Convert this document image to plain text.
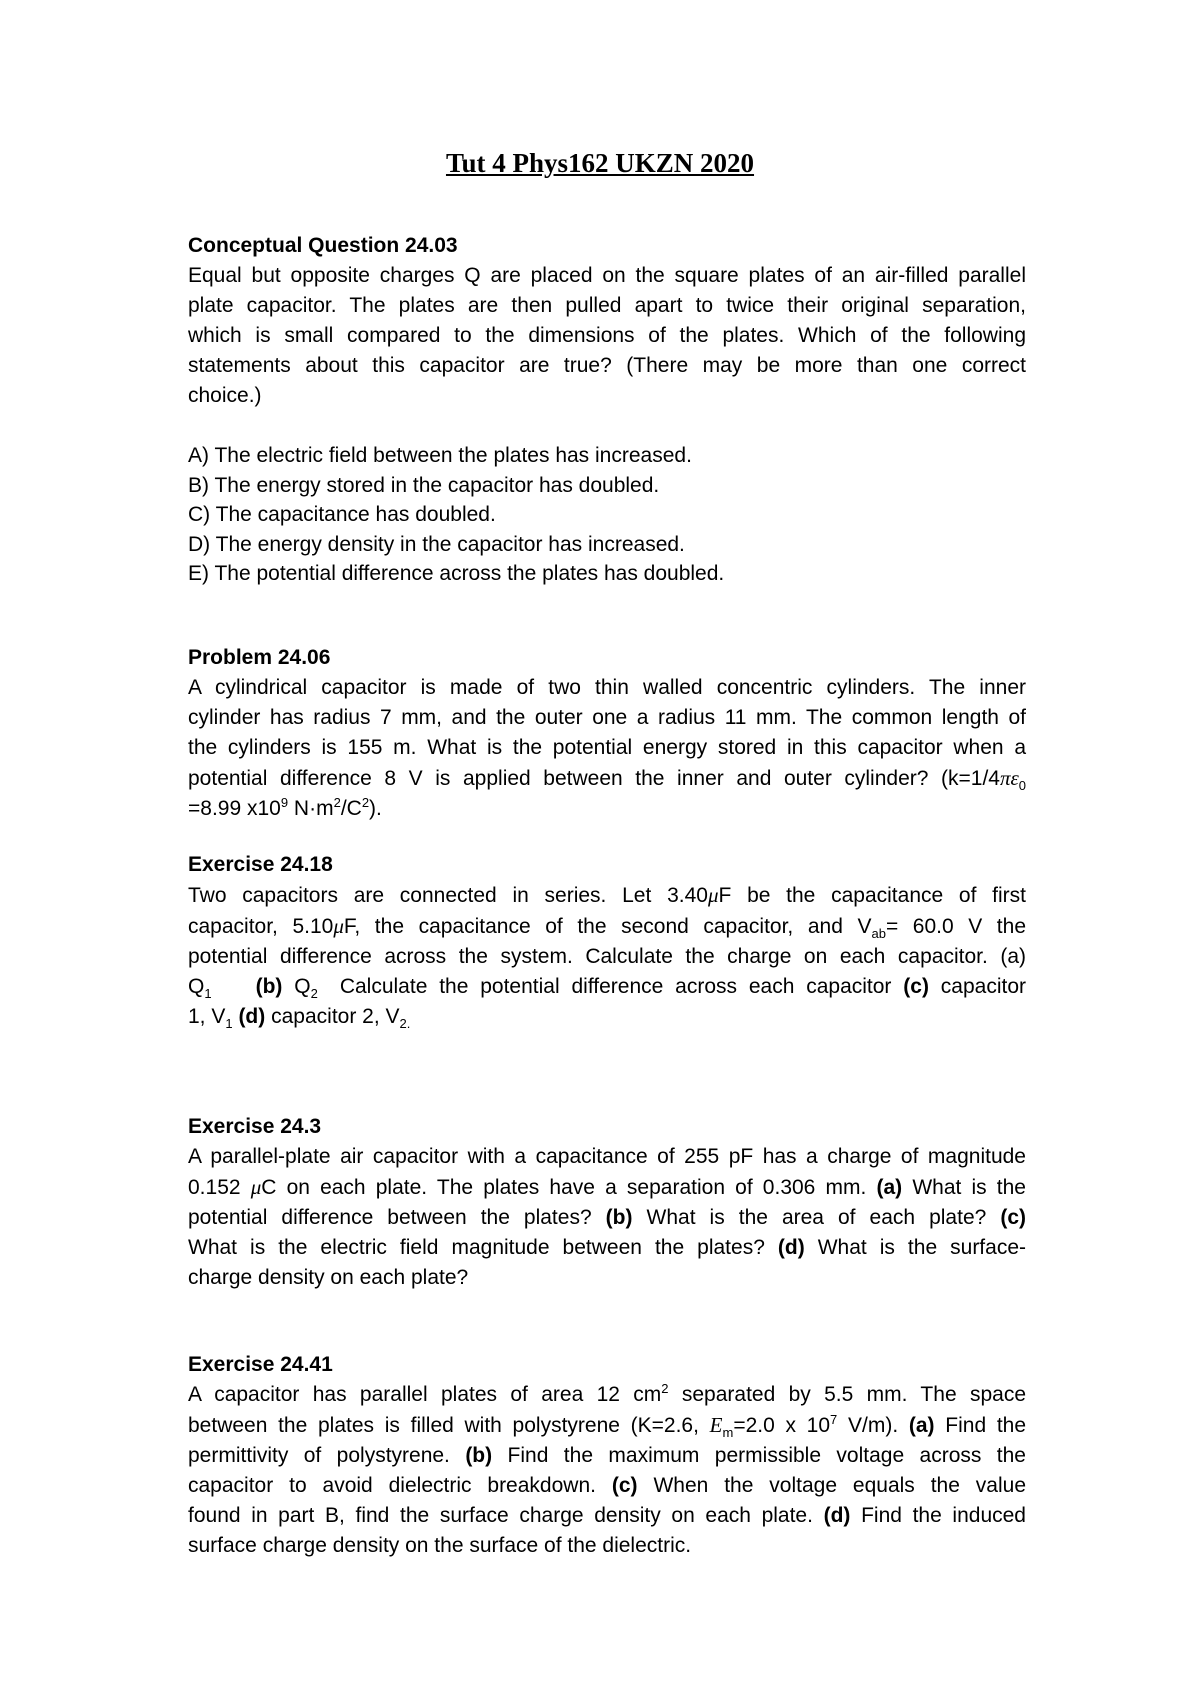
Tut 4 Phys162 UKZN 2020

Conceptual Question 24.03

Equal but opposite charges Q are placed on the square plates of an air-filled parallel

plate capacitor. The plates are then pulled apart to twice their original separation,

which is small compared to the dimensions of the plates. Which of the following

statements about this capacitor are true? (There may be more than one correct

choice.)

A) The electric field between the plates has increased.

B) The energy stored in the capacitor has doubled.

C) The capacitance has doubled.

D) The energy density in the capacitor has increased.

E) The potential difference across the plates has doubled.

Problem 24.06

A cylindrical capacitor is made of two thin walled concentric cylinders. The inner

cylinder has radius 7 mm, and the outer one a radius 11 mm. The common length of

the cylinders is 155 m. What is the potential energy stored in this capacitor when a

potential difference 8 V is applied between the inner and outer cylinder? ($k=1/4\pi\varepsilon_0$

=8.99 $x10^9$ $N\cdot m^2/C^2$).

Exercise 24.18

Two capacitors are connected in series. Let 3.40μF be the capacitance of first

capacitor, 5.10μF, the capacitance of the second capacitor, and $V_{ab}= 60.0$ V the

potential difference across the system. Calculate the charge on each capacitor. (a)

$Q_1$ (b) $Q_2$ Calculate the potential difference across each capacitor (c) capacitor

1, $V_1$ (d) capacitor 2, $V_{2.}$

Exercise 24.3

A parallel-plate air capacitor with a capacitance of 255 pF has a charge of magnitude

0.152 μC on each plate. The plates have a separation of 0.306 mm. (a) What is the

potential difference between the plates? (b) What is the area of each plate? (c)

What is the electric field magnitude between the plates? (d) What is the surface-

charge density on each plate?

Exercise 24.41

A capacitor has parallel plates of area 12 $cm^2$ separated by 5.5 mm. The space

between the plates is filled with polystyrene (K=2.6, $E_m=2.0$ x $10^7$ V/m). (a) Find the

permittivity of polystyrene. (b) Find the maximum permissible voltage across the

capacitor to avoid dielectric breakdown. (c) When the voltage equals the value

found in part B, find the surface charge density on each plate. (d) Find the induced

surface charge density on the surface of the dielectric.
